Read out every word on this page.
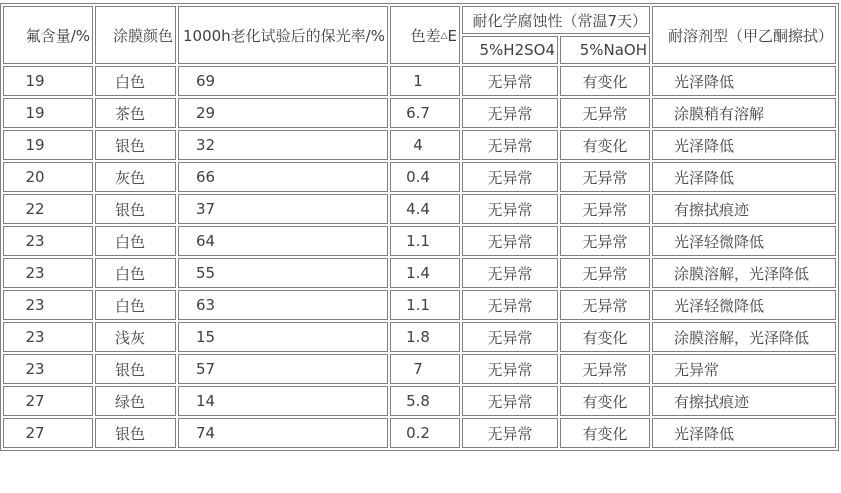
氟含量/%	涂膜颜色	1000h老化试验后的保光率/%	色差△E	耐化学腐蚀性（常温7天）		耐溶剂型（甲乙酮擦拭）
				5%H2SO4	5%NaOH	
19	白色	69	1	无异常	有变化	光泽降低
19	茶色	29	6.7	无异常	无异常	涂膜稍有溶解
19	银色	32	4	无异常	有变化	光泽降低
20	灰色	66	0.4	无异常	无异常	光泽降低
22	银色	37	4.4	无异常	无异常	有擦拭痕迹
23	白色	64	1.1	无异常	无异常	光泽轻微降低
23	白色	55	1.4	无异常	无异常	涂膜溶解，光泽降低
23	白色	63	1.1	无异常	无异常	光泽轻微降低
23	浅灰	15	1.8	无异常	有变化	涂膜溶解，光泽降低
23	银色	57	7	无异常	无异常	无异常
27	绿色	14	5.8	无异常	有变化	有擦拭痕迹
27	银色	74	0.2	无异常	有变化	光泽降低
